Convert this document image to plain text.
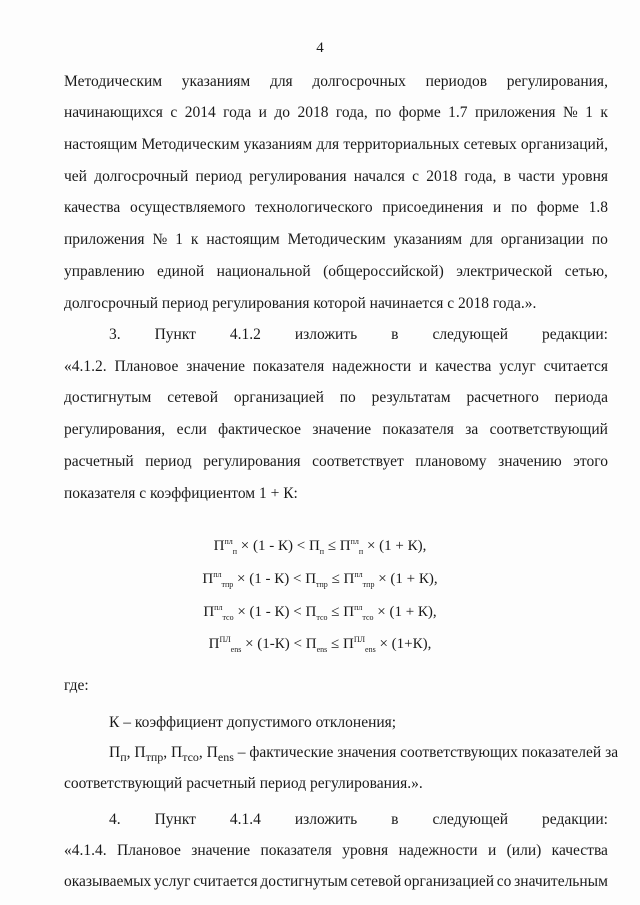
4
Методическим указаниям для долгосрочных периодов регулирования,
начинающихся с 2014 года и до 2018 года, по форме 1.7 приложения № 1 к
настоящим Методическим указаниям для территориальных сетевых организаций,
чей долгосрочный период регулирования начался с 2018 года, в части уровня
качества осуществляемого технологического присоединения и по форме 1.8
приложения № 1 к настоящим Методическим указаниям для организации по
управлению единой национальной (общероссийской) электрической сетью,
долгосрочный период регулирования которой начинается с 2018 года.».
3. Пункт 4.1.2 изложить в следующей редакции:
«4.1.2. Плановое значение показателя надежности и качества услуг считается
достигнутым сетевой организацией по результатам расчетного периода
регулирования, если фактическое значение показателя за соответствующий
расчетный период регулирования соответствует плановому значению этого
показателя с коэффициентом 1 + К:
$П^{пл}_п \times (1 - К) < П_п \le П^{пл}_п \times (1 + К)$,
$П^{пл}_{тпр} \times (1 - К) < П_{тпр} \le П^{пл}_{тпр} \times (1 + К)$,
$П^{пл}_{тсо} \times (1 - К) < П_{тсо} \le П^{пл}_{тсо} \times (1 + К)$,
$П^{ПЛ}_{ens} \times (1-К) < П_{ens} \le П^{ПЛ}_{ens} \times (1+К)$,
где:
К – коэффициент допустимого отклонения;
$П_п$, $П_{тпр}$, $П_{тсо}$, $П_{ens}$ – фактические значения соответствующих показателей за
соответствующий расчетный период регулирования.».
4. Пункт 4.1.4 изложить в следующей редакции:
«4.1.4. Плановое значение показателя уровня надежности и (или) качества
оказываемых услуг считается достигнутым сетевой организацией со значительным
